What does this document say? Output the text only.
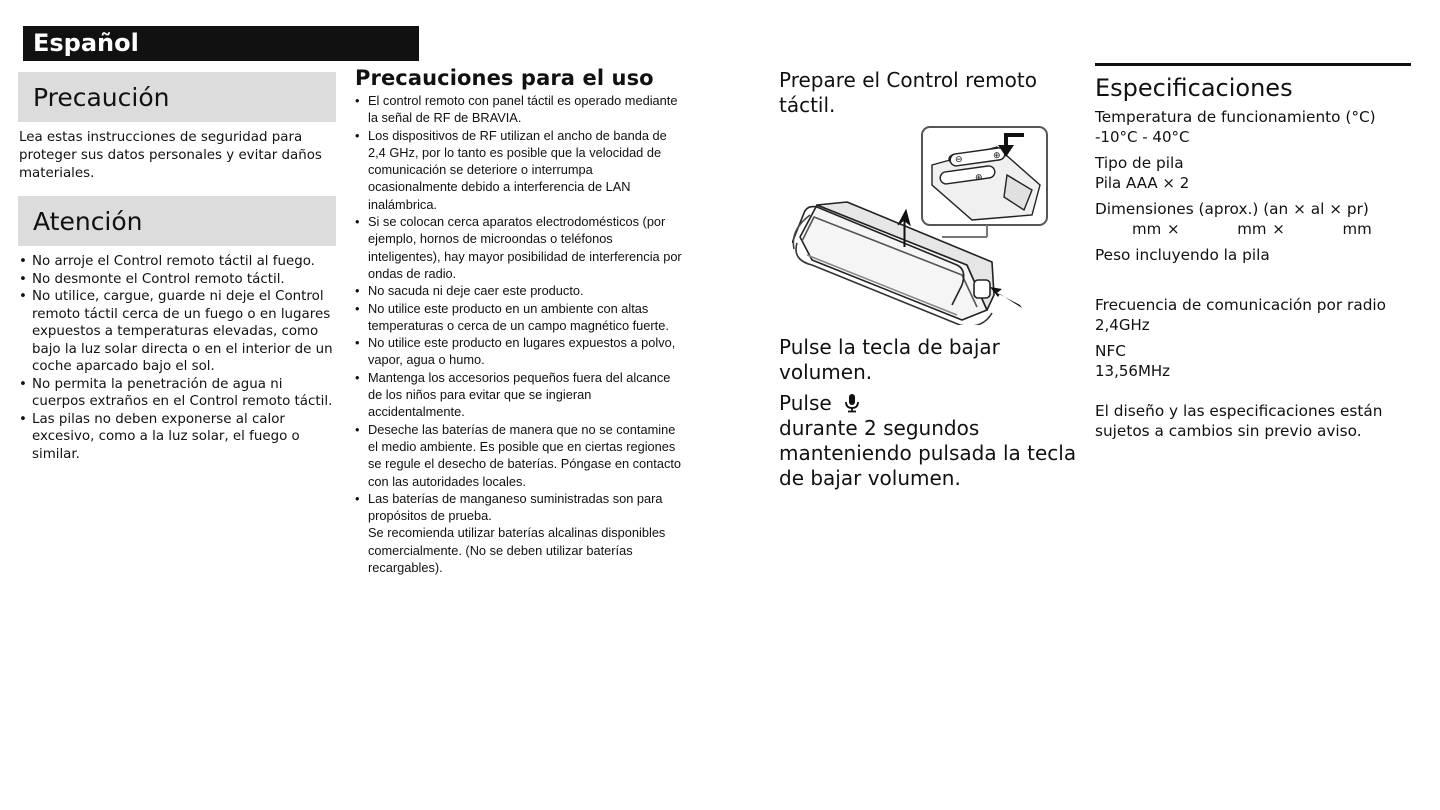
Español
Precaución

Lea estas instrucciones de seguridad para proteger sus datos personales y evitar daños materiales.

Atención
• No arroje el Control remoto táctil al fuego.
• No desmonte el Control remoto táctil.
• No utilice, cargue, guarde ni deje el Control remoto táctil cerca de un fuego o en lugares expuestos a temperaturas elevadas, como bajo la luz solar directa o en el interior de un coche aparcado bajo el sol.
• No permita la penetración de agua ni cuerpos extraños en el Control remoto táctil.
• Las pilas no deben exponerse al calor excesivo, como a la luz solar, el fuego o similar.
Precauciones para el uso
• El control remoto con panel táctil es operado mediante la señal de RF de BRAVIA.
• Los dispositivos de RF utilizan el ancho de banda de 2,4 GHz, por lo tanto es posible que la velocidad de comunicación se deteriore o interrumpa ocasionalmente debido a interferencia de LAN inalámbrica.
• Si se colocan cerca aparatos electrodomésticos (por ejemplo, hornos de microondas o teléfonos inteligentes), hay mayor posibilidad de interferencia por ondas de radio.
• No sacuda ni deje caer este producto.
• No utilice este producto en un ambiente con altas temperaturas o cerca de un campo magnético fuerte.
• No utilice este producto en lugares expuestos a polvo, vapor, agua o humo.
• Mantenga los accesorios pequeños fuera del alcance de los niños para evitar que se ingieran accidentalmente.
• Deseche las baterías de manera que no se contamine el medio ambiente. Es posible que en ciertas regiones se regule el desecho de baterías. Póngase en contacto con las autoridades locales.
• Las baterías de manganeso suministradas son para propósitos de prueba.
Se recomienda utilizar baterías alcalinas disponibles comercialmente. (No se deben utilizar baterías recargables).

Prepare el Control remoto táctil.

⊖	⊕
⊕

Pulse la tecla de bajar volumen.

Pulse

durante 2 segundos manteniendo pulsada la tecla de bajar volumen.

Especificaciones
Temperatura de funcionamiento (°C)
-10°C - 40°C
Tipo de pila
Pila AAA × 2
Dimensiones (aprox.) (an × al × pr)
mm ×          mm ×          mm
Peso incluyendo la pila
Frecuencia de comunicación por radio
2,4GHz
NFC
13,56MHz
El diseño y las especificaciones están sujetos a cambios sin previo aviso.
